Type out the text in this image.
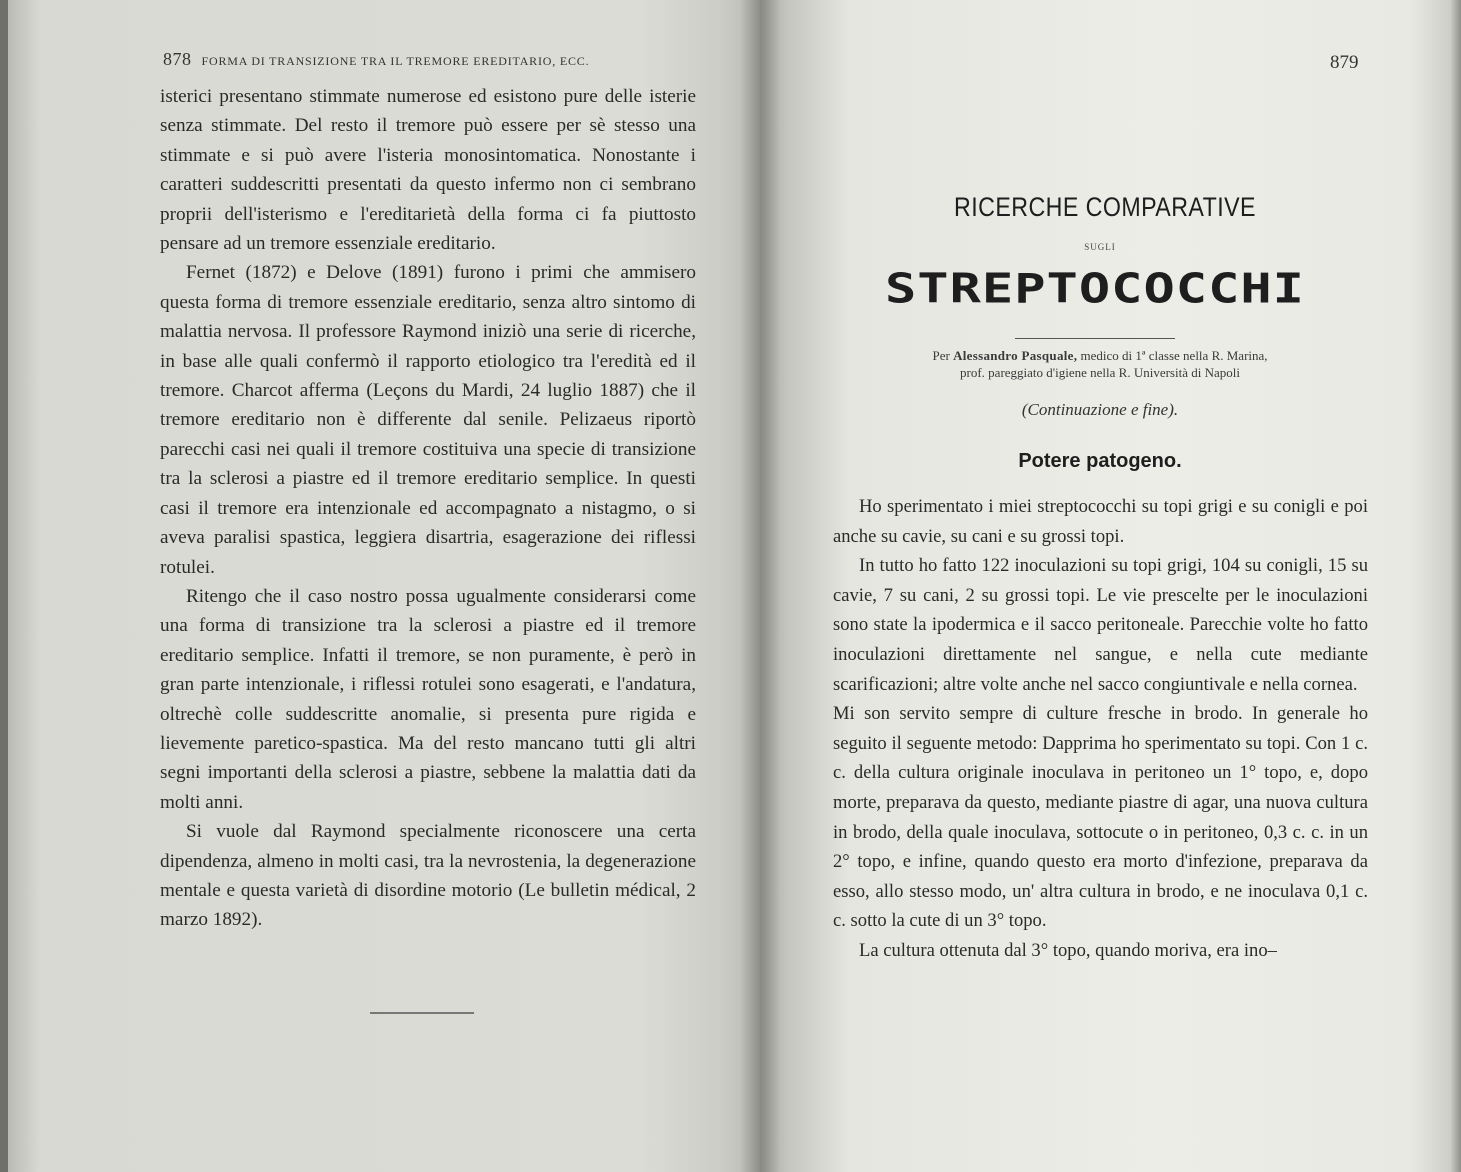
878 FORMA DI TRANSIZIONE TRA IL TREMORE EREDITARIO, ECC.

isterici presentano stimmate numerose ed esistono pure delle isterie senza stimmate. Del resto il tremore può essere per sè stesso una stimmate e si può avere l'isteria monosintomatica. Nonostante i caratteri suddescritti presentati da questo infermo non ci sembrano proprii dell'isterismo e l'ereditarietà della forma ci fa piuttosto pensare ad un tremore essenziale ereditario.

Fernet (1872) e Delove (1891) furono i primi che ammisero questa forma di tremore essenziale ereditario, senza altro sintomo di malattia nervosa. Il professore Raymond iniziò una serie di ricerche, in base alle quali confermò il rapporto etiologico tra l'eredità ed il tremore. Charcot afferma (Leçons du Mardi, 24 luglio 1887) che il tremore ereditario non è differente dal senile. Pelizaeus riportò parecchi casi nei quali il tremore costituiva una specie di transizione tra la sclerosi a piastre ed il tremore ereditario semplice. In questi casi il tremore era intenzionale ed accompagnato a nistagmo, o si aveva paralisi spastica, leggiera disartria, esagerazione dei riflessi rotulei.

Ritengo che il caso nostro possa ugualmente considerarsi come una forma di transizione tra la sclerosi a piastre ed il tremore ereditario semplice. Infatti il tremore, se non puramente, è però in gran parte intenzionale, i riflessi rotulei sono esagerati, e l'andatura, oltrechè colle suddescritte anomalie, si presenta pure rigida e lievemente paretico-spastica. Ma del resto mancano tutti gli altri segni importanti della sclerosi a piastre, sebbene la malattia dati da molti anni.

Si vuole dal Raymond specialmente riconoscere una certa dipendenza, almeno in molti casi, tra la nevrostenia, la degenerazione mentale e questa varietà di disordine motorio (Le bulletin médical, 2 marzo 1892).

879
RICERCHE COMPARATIVE
SUGLI
STREPTOCOCCHI
Per Alessandro Pasquale, medico di 1ª classe nella R. Marina,
prof. pareggiato d'igiene nella R. Università di Napoli
(Continuazione e fine).
Potere patogeno.

Ho sperimentato i miei streptococchi su topi grigi e su conigli e poi anche su cavie, su cani e su grossi topi.

In tutto ho fatto 122 inoculazioni su topi grigi, 104 su conigli, 15 su cavie, 7 su cani, 2 su grossi topi. Le vie prescelte per le inoculazioni sono state la ipodermica e il sacco peritoneale. Parecchie volte ho fatto inoculazioni direttamente nel sangue, e nella cute mediante scarificazioni; altre volte anche nel sacco congiuntivale e nella cornea.

Mi son servito sempre di culture fresche in brodo. In generale ho seguito il seguente metodo: Dapprima ho sperimentato su topi. Con 1 c. c. della cultura originale inoculava in peritoneo un 1° topo, e, dopo morte, preparava da questo, mediante piastre di agar, una nuova cultura in brodo, della quale inoculava, sottocute o in peritoneo, 0,3 c. c. in un 2° topo, e infine, quando questo era morto d'infezione, preparava da esso, allo stesso modo, un' altra cultura in brodo, e ne inoculava 0,1 c. c. sotto la cute di un 3° topo.

La cultura ottenuta dal 3° topo, quando moriva, era ino–
